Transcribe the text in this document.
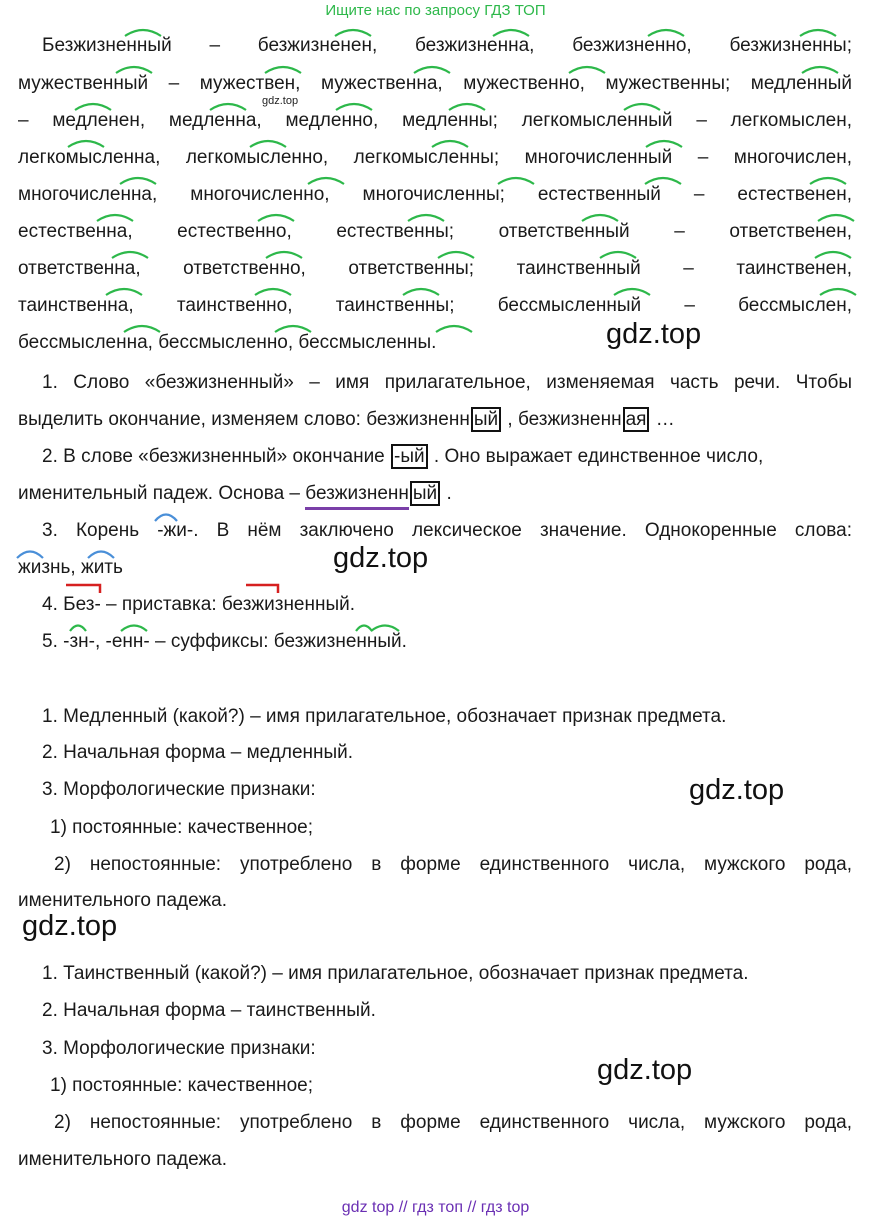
Ищите нас по запросу ГДЗ ТОП
Безжизненный – безжизненен, безжизненна, безжизненно, безжизненны;
мужественный – мужествен, мужественна, мужественно, мужественны; медленный
gdz.top
– медленен, медленна, медленно, медленны; легкомысленный – легкомыслен,
легкомысленна, легкомысленно, легкомысленны; многочисленный – многочислен,
многочисленна, многочисленно, многочисленны; естественный – естественен,
естественна, естественно, естественны; ответственный – ответственен,
ответственна, ответственно, ответственны; таинственный – таинственен,
таинственна, таинственно, таинственны; бессмысленный – бессмыслен,
бессмысленна, бессмысленно, бессмысленны.	gdz.top
1. Слово «безжизненный» – имя прилагательное, изменяемая часть речи. Чтобы
выделить окончание, изменяем слово: безжизненн ый , безжизненн ая …
2. В слове «безжизненный» окончание -ый . Оно выражает единственное число,
именительный падеж. Основа – безжизненн ый .
3. Корень -жи-. В нём заключено лексическое значение. Однокоренные слова:
жизнь, жить	gdz.top
4. Без- – приставка: безжизненный.
5. -зн-, -енн- – суффиксы: безжизненный.
1. Медленный (какой?) – имя прилагательное, обозначает признак предмета.
2. Начальная форма – медленный.
3. Морфологические признаки:	gdz.top
1) постоянные: качественное;
2) непостоянные: употреблено в форме единственного числа, мужского рода,
именительного падежа.
gdz.top
1. Таинственный (какой?) – имя прилагательное, обозначает признак предмета.
2. Начальная форма – таинственный.
3. Морфологические признаки:
gdz.top
1) постоянные: качественное;
2) непостоянные: употреблено в форме единственного числа, мужского рода,
именительного падежа.
gdz top // гдз топ // гдз top
